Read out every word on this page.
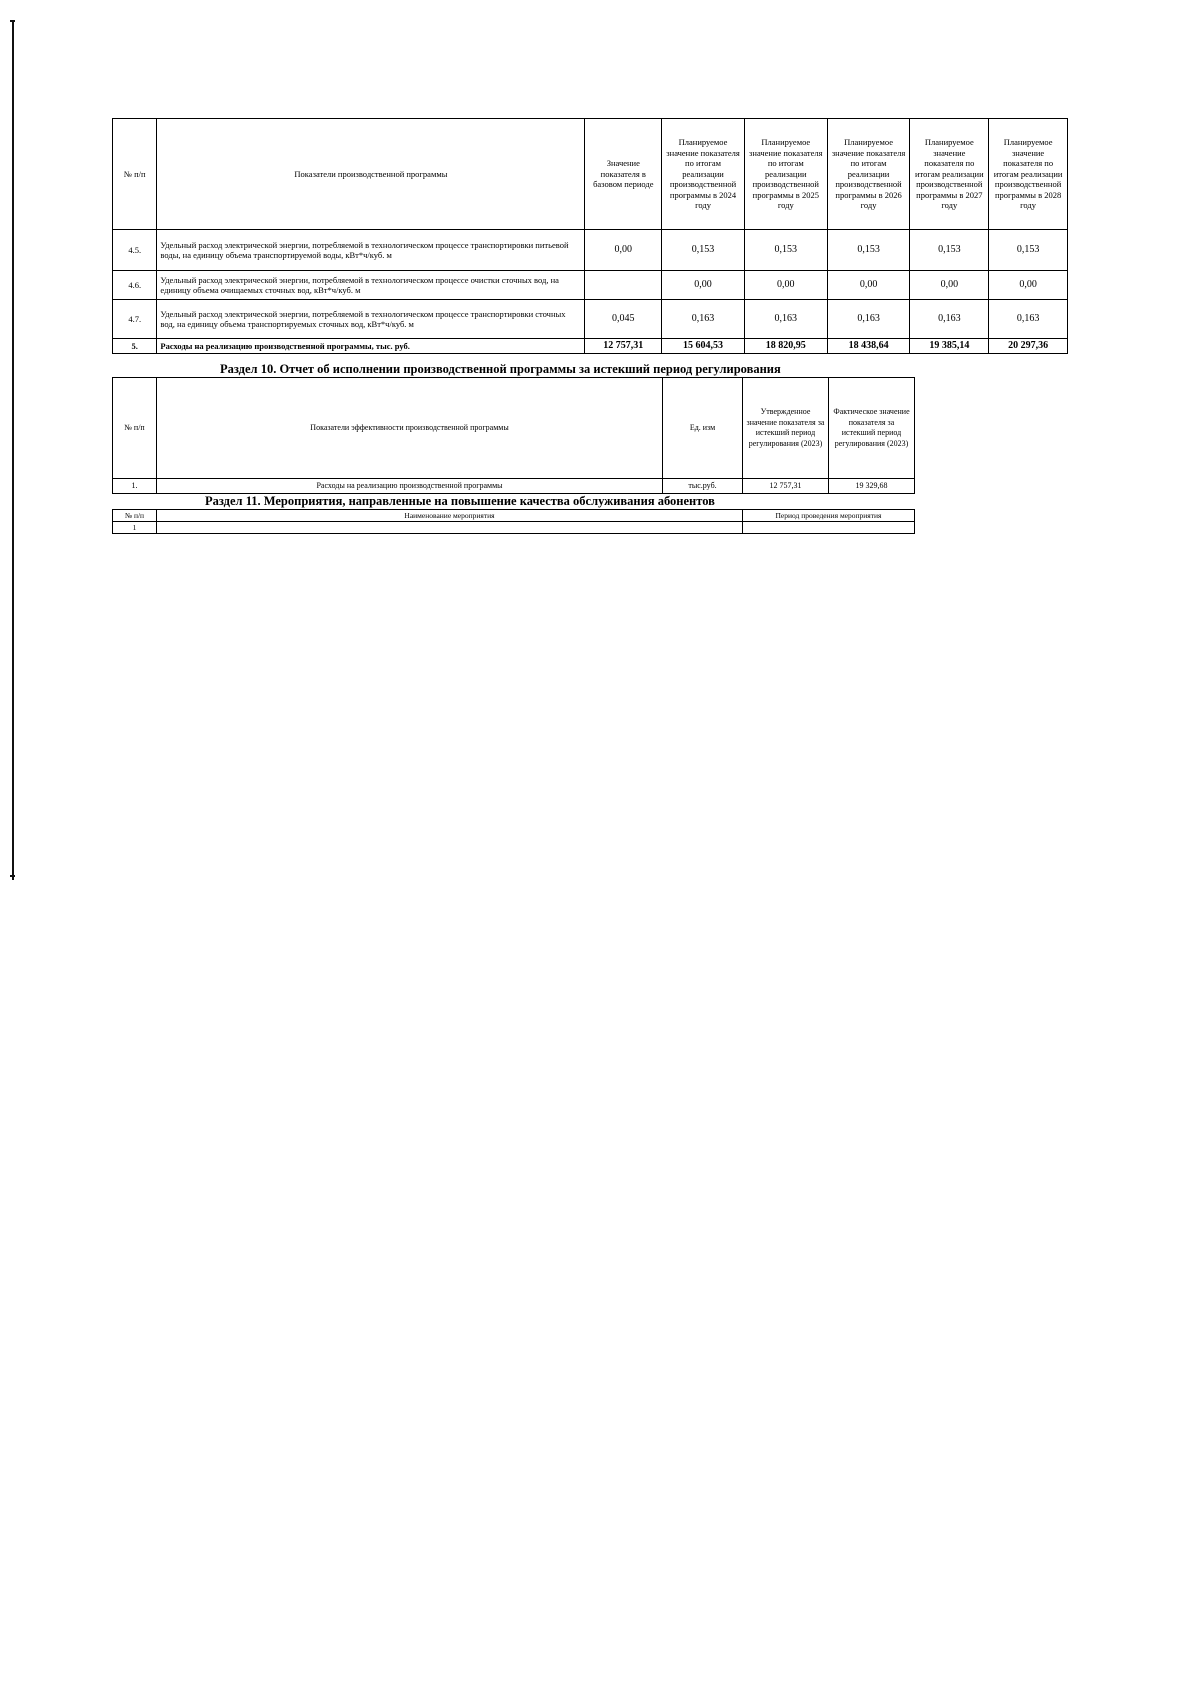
№ п/п	Показатели производственной программы	Значение показателя в базовом периоде	Планируемое значение показателя по итогам реализации производственной программы в 2024 году	Планируемое значение показателя по итогам реализации производственной программы в 2025 году	Планируемое значение показателя по итогам реализации производственной программы в 2026 году	Планируемое значение показателя по итогам реализации производственной программы в 2027 году	Планируемое значение показателя по итогам реализации производственной программы в 2028 году
4.5.	Удельный расход электрической энергии, потребляемой в технологическом процессе транспортировки питьевой воды, на единицу объема транспортируемой воды, кВт*ч/куб. м	0,00	0,153	0,153	0,153	0,153	0,153
4.6.	Удельный расход электрической энергии, потребляемой в технологическом процессе очистки сточных вод, на единицу объема очищаемых сточных вод, кВт*ч/куб. м		0,00	0,00	0,00	0,00	0,00
4.7.	Удельный расход электрической энергии, потребляемой в технологическом процессе транспортировки сточных вод, на единицу объема транспортируемых сточных вод, кВт*ч/куб. м	0,045	0,163	0,163	0,163	0,163	0,163
5.	Расходы на реализацию производственной программы, тыс. руб.	12 757,31	15 604,53	18 820,95	18 438,64	19 385,14	20 297,36
Раздел 10. Отчет об исполнении производственной программы за истекший период регулирования
№ п/п	Показатели эффективности производственной программы	Ед. изм	Утвержденное значение показателя за истекший период регулирования (2023)	Фактическое значение показателя за истекший период регулирования (2023)
1.	Расходы на реализацию производственной программы	тыс.руб.	12 757,31	19 329,68
Раздел 11. Мероприятия, направленные на повышение качества обслуживания абонентов
№ п/п	Наименование мероприятия	Период проведения мероприятия
1		
